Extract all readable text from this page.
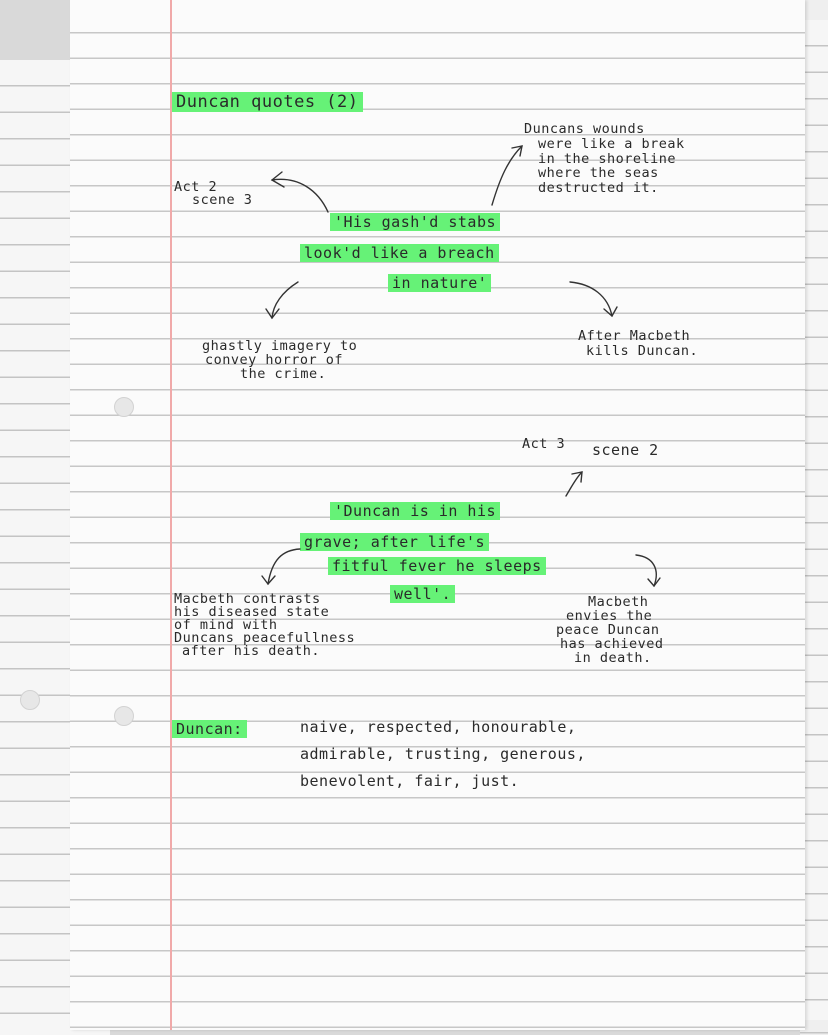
Duncan quotes (2)

Act 2

scene 3

Duncans wounds

were like a break

in the shoreline

where the seas

destructed it.

'His gash'd stabs

look'd like a breach

in nature'

ghastly imagery to

convey horror of

the crime.

After Macbeth

kills Duncan.

Act 3 scene 2

'Duncan is in his

grave; after life's

fitful fever he sleeps

well'.

Macbeth contrasts

his diseased state

of mind with

Duncans peacefullness

after his death.

Macbeth

envies the

peace Duncan

has achieved

in death.

Duncan:	naive, respected, honourable,

admirable, trusting, generous,

benevolent, fair, just.
